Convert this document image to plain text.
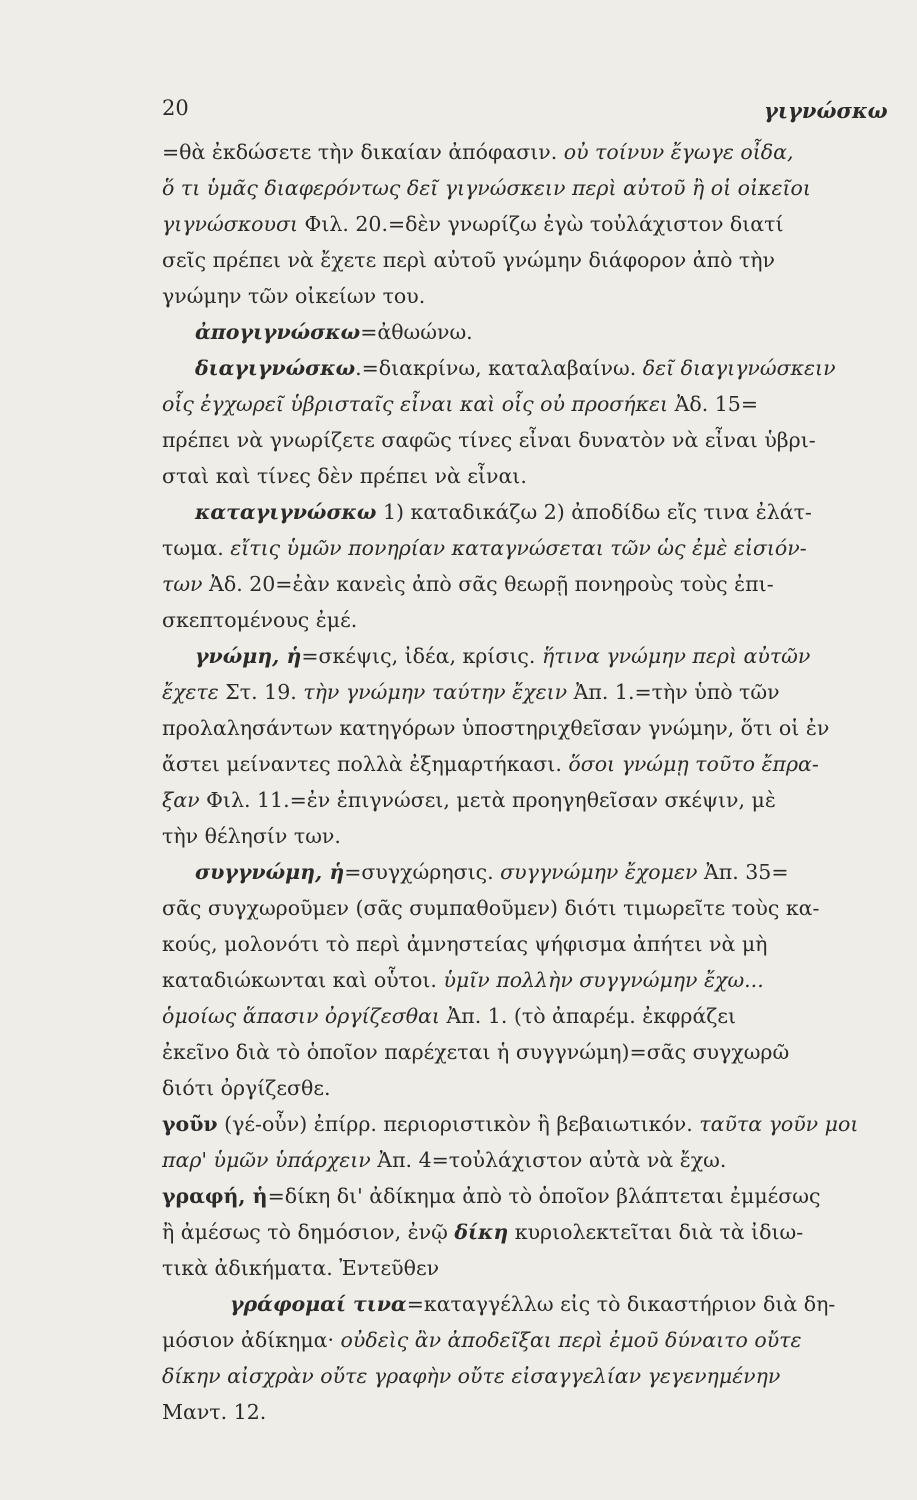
20	γιγνώσκω
=θὰ ἐκδώσετε τὴν δικαίαν ἀπόφασιν. οὐ τοίνυν ἔγωγε οἶδα,
ὅ τι ὑμᾶς διαφερόντως δεῖ γιγνώσκειν περὶ αὐτοῦ ἢ οἱ οἰκεῖοι
γιγνώσκουσι Φιλ. 20.=δὲν γνωρίζω ἐγὼ τοὐλάχιστον διατί
σεῖς πρέπει νὰ ἔχετε περὶ αὐτοῦ γνώμην διάφορον ἀπὸ τὴν
γνώμην τῶν οἰκείων του.
ἀπογιγνώσκω=ἀθωώνω.
διαγιγνώσκω.=διακρίνω, καταλαβαίνω. δεῖ διαγιγνώσκειν
οἷς ἐγχωρεῖ ὑβρισταῖς εἶναι καὶ οἷς οὐ προσήκει Ἀδ. 15=
πρέπει νὰ γνωρίζετε σαφῶς τίνες εἶναι δυνατὸν νὰ εἶναι ὑβρι-
σταὶ καὶ τίνες δὲν πρέπει νὰ εἶναι.
καταγιγνώσκω 1) καταδικάζω 2) ἀποδίδω εἴς τινα ἐλάτ-
τωμα. εἴτις ὑμῶν πονηρίαν καταγνώσεται τῶν ὡς ἐμὲ εἰσιόν-
των Ἀδ. 20=ἐὰν κανεὶς ἀπὸ σᾶς θεωρῇ πονηροὺς τοὺς ἐπι-
σκεπτομένους ἐμέ.
γνώμη, ἡ=σκέψις, ἰδέα, κρίσις. ἥτινα γνώμην περὶ αὐτῶν
ἔχετε Στ. 19. τὴν γνώμην ταύτην ἔχειν Ἀπ. 1.=τὴν ὑπὸ τῶν
προλαλησάντων κατηγόρων ὑποστηριχθεῖσαν γνώμην, ὅτι οἱ ἐν
ἄστει μείναντες πολλὰ ἐξημαρτήκασι. ὅσοι γνώμῃ τοῦτο ἔπρα-
ξαν Φιλ. 11.=ἐν ἐπιγνώσει, μετὰ προηγηθεῖσαν σκέψιν, μὲ
τὴν θέλησίν των.
συγγνώμη, ἡ=συγχώρησις. συγγνώμην ἔχομεν Ἀπ. 35=
σᾶς συγχωροῦμεν (σᾶς συμπαθοῦμεν) διότι τιμωρεῖτε τοὺς κα-
κούς, μολονότι τὸ περὶ ἀμνηστείας ψήφισμα ἀπήτει νὰ μὴ
καταδιώκωνται καὶ οὗτοι. ὑμῖν πολλὴν συγγνώμην ἔχω...
ὁμοίως ἅπασιν ὀργίζεσθαι Ἀπ. 1. (τὸ ἀπαρέμ. ἐκφράζει
ἐκεῖνο διὰ τὸ ὁποῖον παρέχεται ἡ συγγνώμη)=σᾶς συγχωρῶ
διότι ὀργίζεσθε.
γοῦν (γέ-οὖν) ἐπίρρ. περιοριστικὸν ἢ βεβαιωτικόν. ταῦτα γοῦν μοι
παρ' ὑμῶν ὑπάρχειν Ἀπ. 4=τοὐλάχιστον αὐτὰ νὰ ἔχω.
γραφή, ἡ=δίκη δι' ἀδίκημα ἀπὸ τὸ ὁποῖον βλάπτεται ἐμμέσως
ἢ ἀμέσως τὸ δημόσιον, ἐνῷ δίκη κυριολεκτεῖται διὰ τὰ ἰδιω-
τικὰ ἀδικήματα. Ἐντεῦθεν
γράφομαί τινα=καταγγέλλω εἰς τὸ δικαστήριον διὰ δη-
μόσιον ἀδίκημα· οὐδεὶς ἂν ἀποδεῖξαι περὶ ἐμοῦ δύναιτο οὔτε
δίκην αἰσχρὰν οὔτε γραφὴν οὔτε εἰσαγγελίαν γεγενημένην
Μαντ. 12.
